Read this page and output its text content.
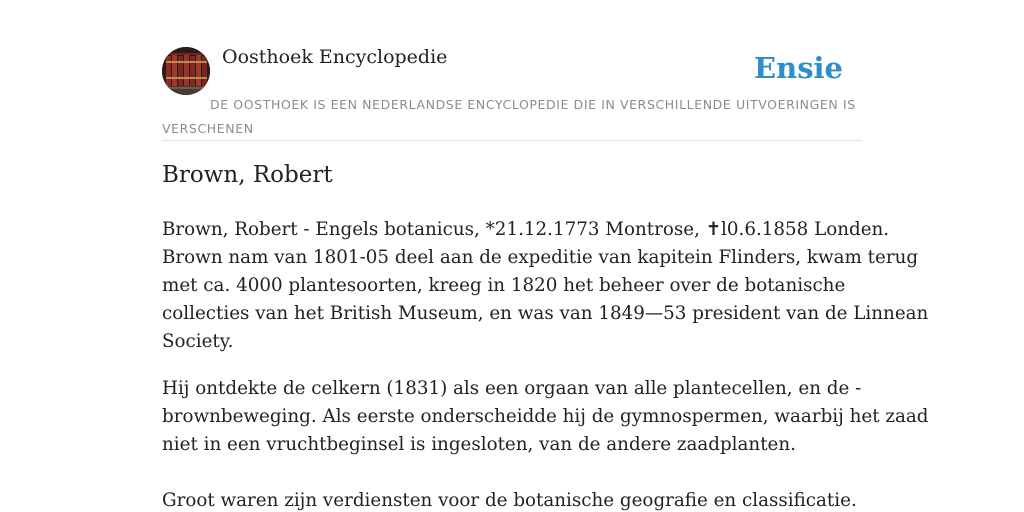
Oosthoek Encyclopedie	Ensie
DE OOSTHOEK IS EEN NEDERLANDSE ENCYCLOPEDIE DIE IN VERSCHILLENDE UITVOERINGEN IS VERSCHENEN
Brown, Robert

Brown, Robert - Engels botanicus, *21.12.1773 Montrose, ✝l0.6.1858 Londen.
Brown nam van 1801-05 deel aan de expeditie van kapitein Flinders, kwam terug
met ca. 4000 plantesoorten, kreeg in 1820 het beheer over de botanische
collecties van het British Museum, en was van 1849—53 president van de Linnean
Society.

Hij ontdekte de celkern (1831) als een orgaan van alle plantecellen, en de -
brownbeweging. Als eerste onderscheidde hij de gymnospermen, waarbij het zaad
niet in een vruchtbeginsel is ingesloten, van de andere zaadplanten.

Groot waren zijn verdiensten voor de botanische geografie en classificatie.
